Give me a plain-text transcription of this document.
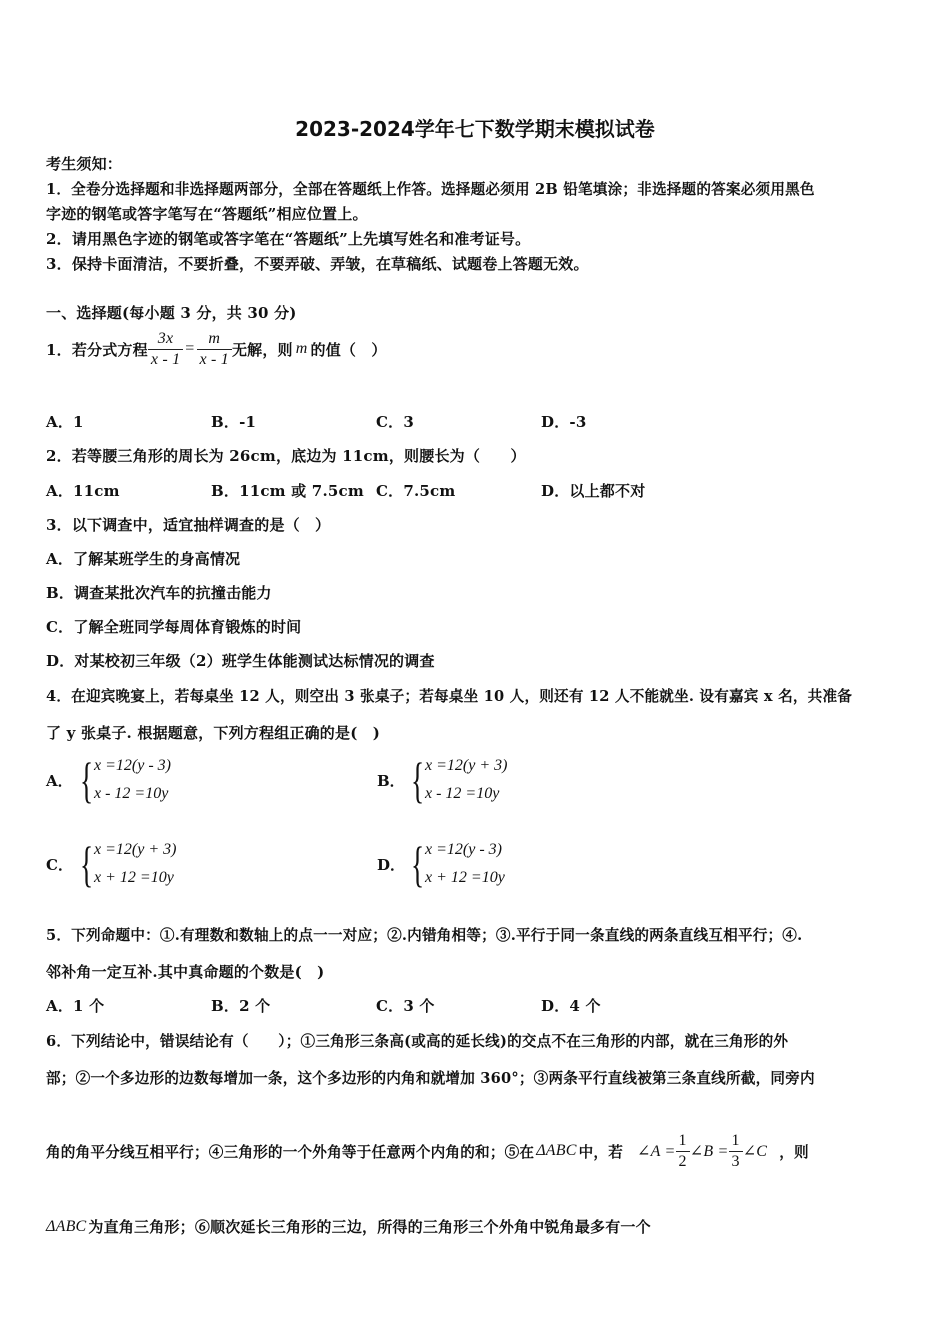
2023-2024学年七下数学期末模拟试卷
考生须知：
1．全卷分选择题和非选择题两部分，全部在答题纸上作答。选择题必须用 2B 铅笔填涂；非选择题的答案必须用黑色
字迹的钢笔或答字笔写在“答题纸”相应位置上。
2．请用黑色字迹的钢笔或答字笔在“答题纸”上先填写姓名和准考证号。
3．保持卡面清洁，不要折叠，不要弄破、弄皱，在草稿纸、试题卷上答题无效。
一、选择题(每小题 3 分，共 30 分)
1．若分式方程 $\frac{3x}{x - 1} = \frac{m}{x - 1}$ 无解，则 m 的值（　）
A．1	B．-1	C．3	D．-3
2．若等腰三角形的周长为 26cm，底边为 11cm，则腰长为（　　）
A．11cm	B．11cm 或 7.5cm C．7.5cm	D．以上都不对
3．以下调查中，适宜抽样调查的是（　）
A．了解某班学生的身高情况
B．调查某批次汽车的抗撞击能力
C．了解全班同学每周体育锻炼的时间
D．对某校初三年级（2）班学生体能测试达标情况的调查
4．在迎宾晚宴上，若每桌坐 12 人，则空出 3 张桌子；若每桌坐 10 人，则还有 12 人不能就坐. 设有嘉宾 x 名，共准备
了 y 张桌子. 根据题意，下列方程组正确的是(　)
A． { x =12(y - 3)
x - 12 =10y
B． { x =12(y + 3)
x - 12 =10y
C． { x =12(y + 3)
x + 12 =10y
D． { x =12(y - 3)
x + 12 =10y
5．下列命题中：①.有理数和数轴上的点一一对应；②.内错角相等；③.平行于同一条直线的两条直线互相平行；④.
邻补角一定互补.其中真命题的个数是(　)
A．1 个	B．2 个	C．3 个	D．4 个
6．下列结论中，错误结论有（　　）；①三角形三条高(或高的延长线)的交点不在三角形的内部，就在三角形的外
部；②一个多边形的边数每增加一条，这个多边形的内角和就增加 360°；③两条平行直线被第三条直线所截，同旁内
角的角平分线互相平行；④三角形的一个外角等于任意两个内角的和；⑤在 ΔABC 中，若 ∠A = $\frac{1}{2}$ ∠B = $\frac{1}{3}$ ∠C ，则
ΔABC 为直角三角形；⑥顺次延长三角形的三边，所得的三角形三个外角中锐角最多有一个
